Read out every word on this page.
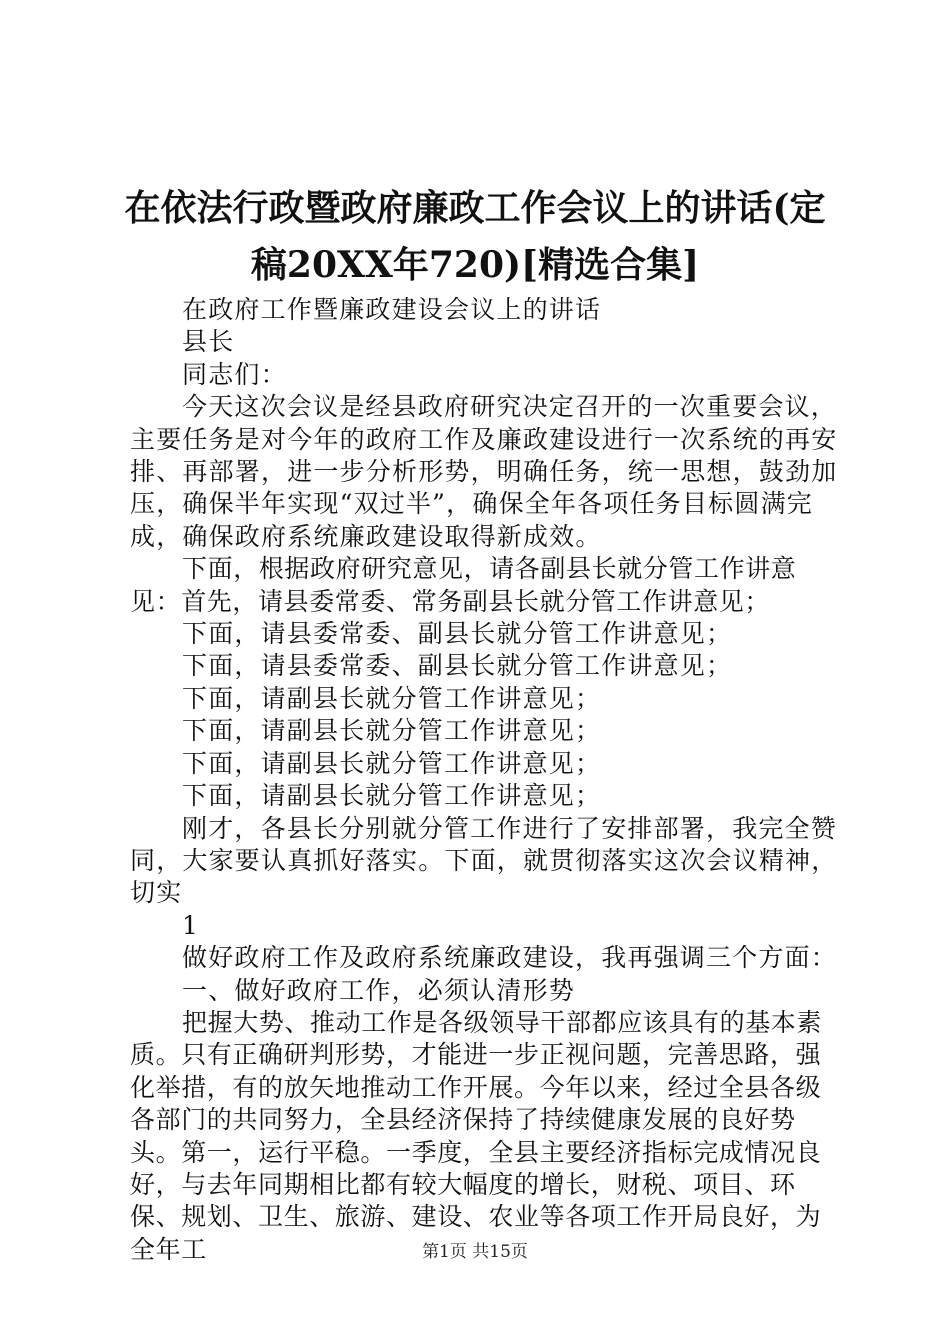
在依法行政暨政府廉政工作会议上的讲话(定
稿20XX年720)[精选合集]

在政府工作暨廉政建设会议上的讲话

县长

同志们：

今天这次会议是经县政府研究决定召开的一次重要会议，主要任务是对今年的政府工作及廉政建设进行一次系统的再安排、再部署，进一步分析形势，明确任务，统一思想，鼓劲加压，确保半年实现“双过半”，确保全年各项任务目标圆满完成，确保政府系统廉政建设取得新成效。

下面，根据政府研究意见，请各副县长就分管工作讲意见：首先，请县委常委、常务副县长就分管工作讲意见；

下面，请县委常委、副县长就分管工作讲意见；

下面，请县委常委、副县长就分管工作讲意见；

下面，请副县长就分管工作讲意见；

下面，请副县长就分管工作讲意见；

下面，请副县长就分管工作讲意见；

下面，请副县长就分管工作讲意见；

刚才，各县长分别就分管工作进行了安排部署，我完全赞同，大家要认真抓好落实。下面，就贯彻落实这次会议精神，切实

1

做好政府工作及政府系统廉政建设，我再强调三个方面：

一、做好政府工作，必须认清形势

把握大势、推动工作是各级领导干部都应该具有的基本素质。只有正确研判形势，才能进一步正视问题，完善思路，强化举措，有的放矢地推动工作开展。今年以来，经过全县各级各部门的共同努力，全县经济保持了持续健康发展的良好势头。第一，运行平稳。一季度，全县主要经济指标完成情况良好，与去年同期相比都有较大幅度的增长，财税、项目、环保、规划、卫生、旅游、建设、农业等各项工作开局良好，为全年工	第1页 共15页
